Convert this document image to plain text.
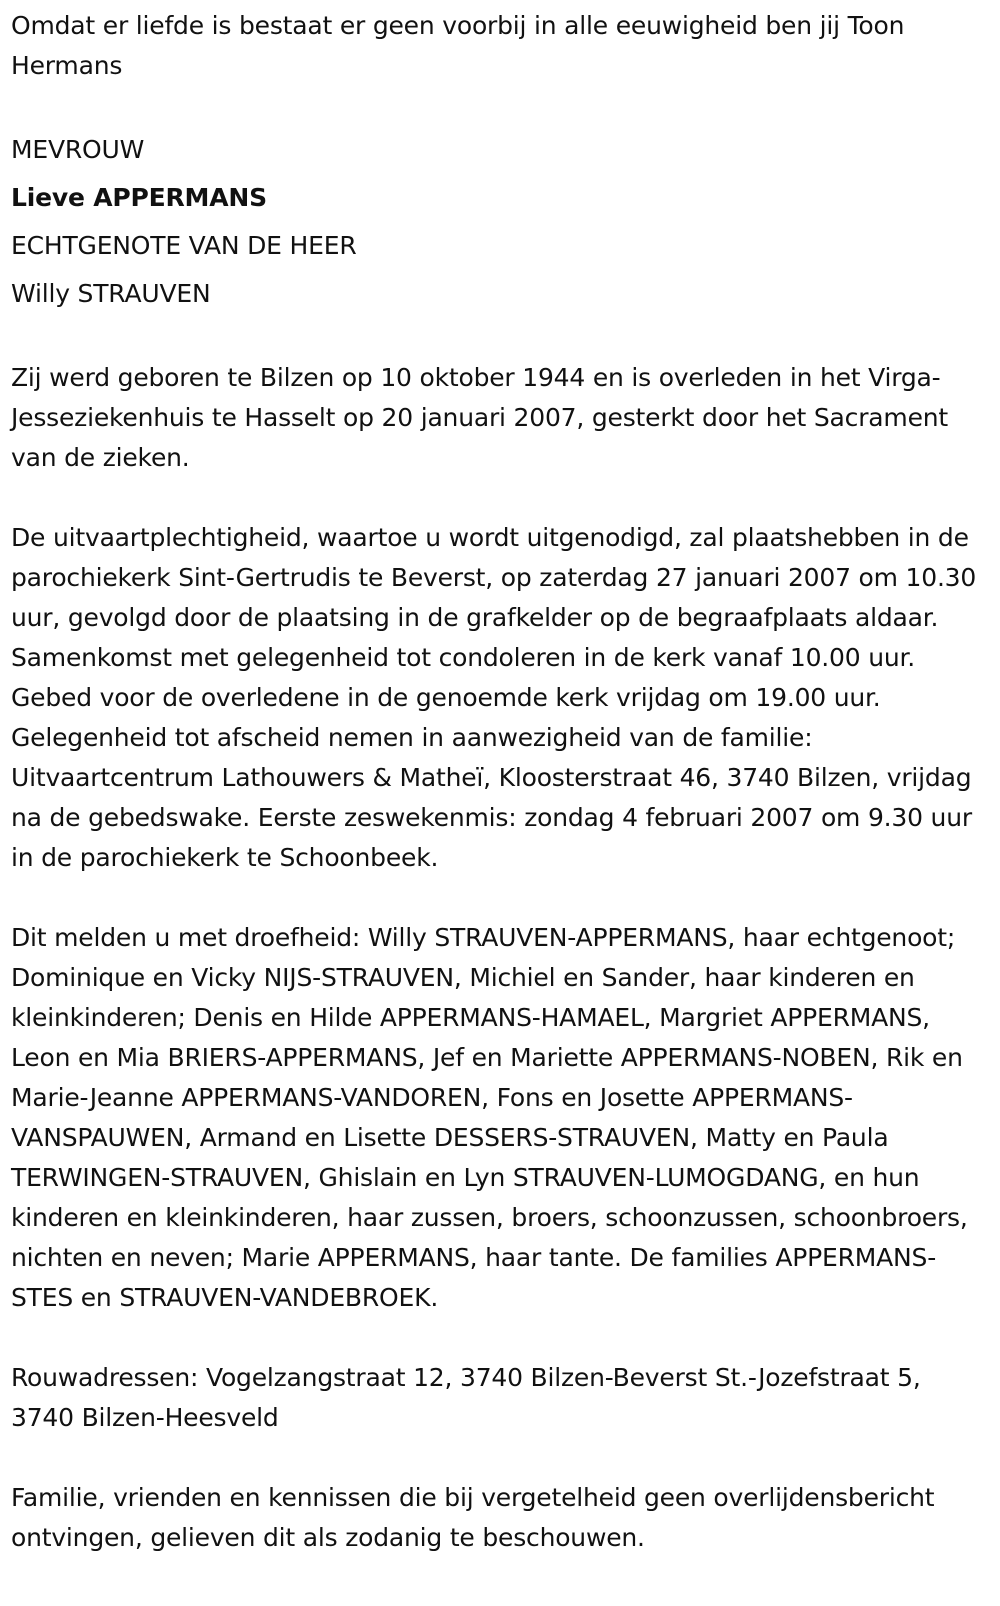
Omdat er liefde is bestaat er geen voorbij in alle eeuwigheid ben jij Toon Hermans

MEVROUW

Lieve APPERMANS

ECHTGENOTE VAN DE HEER

Willy STRAUVEN

Zij werd geboren te Bilzen op 10 oktober 1944 en is overleden in het Virga-Jesseziekenhuis te Hasselt op 20 januari 2007, gesterkt door het Sacrament van de zieken.

De uitvaartplechtigheid, waartoe u wordt uitgenodigd, zal plaatshebben in de parochiekerk Sint-Gertrudis te Beverst, op zaterdag 27 januari 2007 om 10.30 uur, gevolgd door de plaatsing in de grafkelder op de begraafplaats aldaar. Samenkomst met gelegenheid tot condoleren in de kerk vanaf 10.00 uur. Gebed voor de overledene in de genoemde kerk vrijdag om 19.00 uur. Gelegenheid tot afscheid nemen in aanwezigheid van de familie: Uitvaartcentrum Lathouwers & Matheï, Kloosterstraat 46, 3740 Bilzen, vrijdag na de gebedswake. Eerste zeswekenmis: zondag 4 februari 2007 om 9.30 uur in de parochiekerk te Schoonbeek.

Dit melden u met droefheid: Willy STRAUVEN-APPERMANS, haar echtgenoot; Dominique en Vicky NIJS-STRAUVEN, Michiel en Sander, haar kinderen en kleinkinderen; Denis en Hilde APPERMANS-HAMAEL, Margriet APPERMANS, Leon en Mia BRIERS-APPERMANS, Jef en Mariette APPERMANS-NOBEN, Rik en Marie-Jeanne APPERMANS-VANDOREN, Fons en Josette APPERMANS-VANSPAUWEN, Armand en Lisette DESSERS-STRAUVEN, Matty en Paula TERWINGEN-STRAUVEN, Ghislain en Lyn STRAUVEN-LUMOGDANG, en hun kinderen en kleinkinderen, haar zussen, broers, schoonzussen, schoonbroers, nichten en neven; Marie APPERMANS, haar tante. De families APPERMANS-STES en STRAUVEN-VANDEBROEK.

Rouwadressen: Vogelzangstraat 12, 3740 Bilzen-Beverst St.-Jozefstraat 5, 3740 Bilzen-Heesveld

Familie, vrienden en kennissen die bij vergetelheid geen overlijdensbericht ontvingen, gelieven dit als zodanig te beschouwen.
